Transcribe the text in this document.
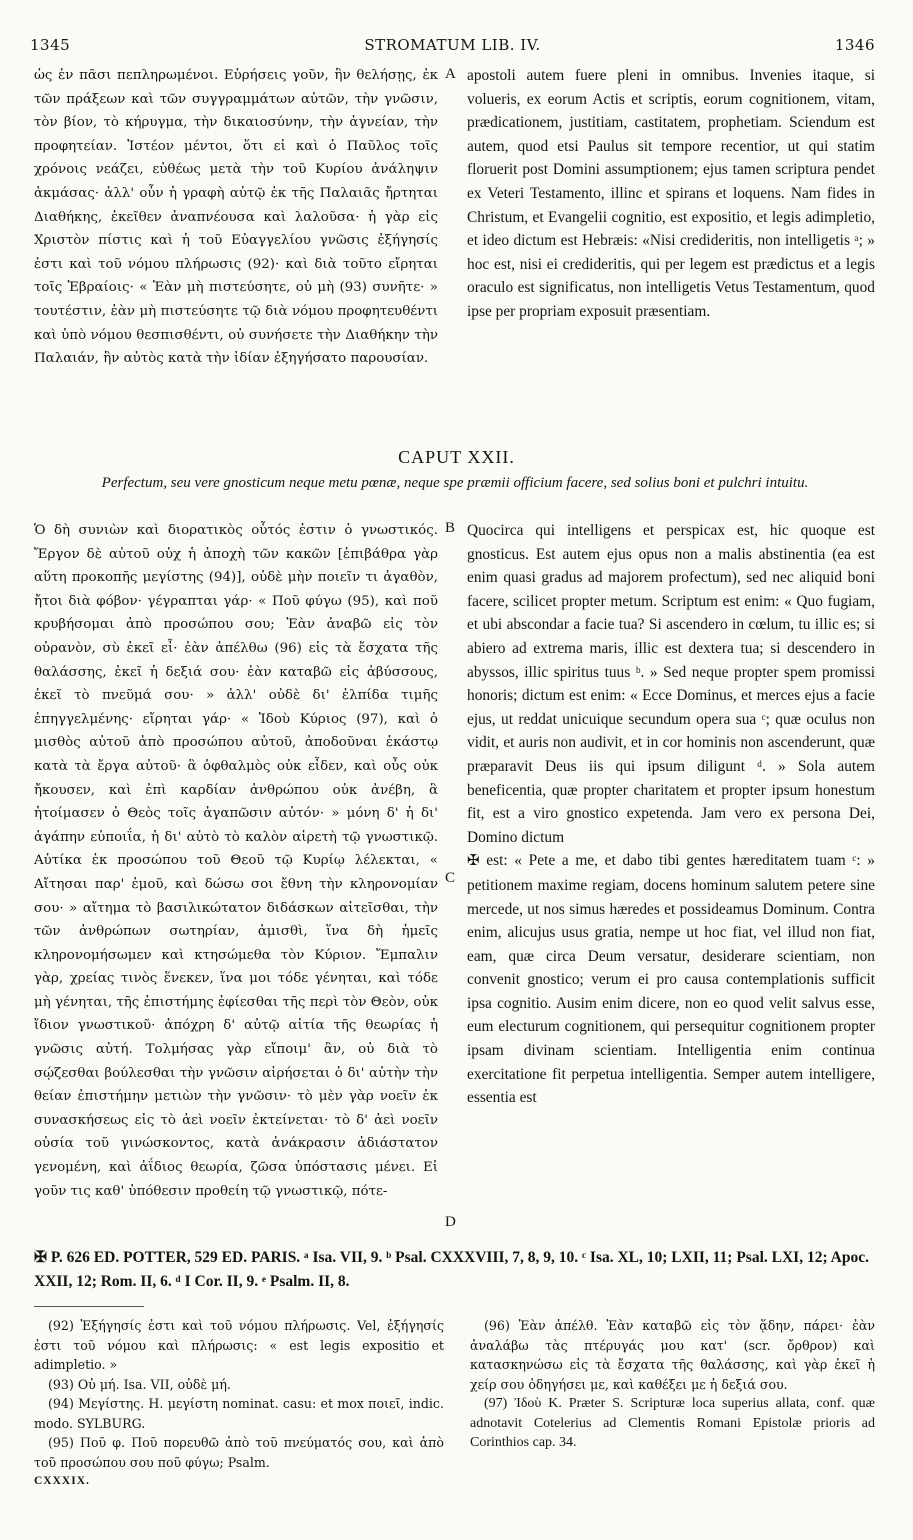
1345	STROMATUM LIB. IV.	1346

ὡς ἐν πᾶσι πεπληρωμένοι. Εὑρήσεις γοῦν, ἣν θελήσῃς, ἐκ τῶν πράξεων καὶ τῶν συγγραμμάτων αὐτῶν, τὴν γνῶσιν, τὸν βίον, τὸ κήρυγμα, τὴν δικαιοσύνην, τὴν ἁγνείαν, τὴν προφητείαν. Ἰστέον μέντοι, ὅτι εἰ καὶ ὁ Παῦλος τοῖς χρόνοις νεάζει, εὐθέως μετὰ τὴν τοῦ Κυρίου ἀνάληψιν ἀκμάσας· ἀλλ' οὖν ἡ γραφὴ αὐτῷ ἐκ τῆς Παλαιᾶς ἤρτηται Διαθήκης, ἐκεῖθεν ἀναπνέουσα καὶ λαλοῦσα· ἡ γὰρ εἰς Χριστὸν πίστις καὶ ἡ τοῦ Εὐαγγελίου γνῶσις ἐξήγησίς ἐστι καὶ τοῦ νόμου πλήρωσις (92)· καὶ διὰ τοῦτο εἴρηται τοῖς Ἑβραίοις· « Ἐὰν μὴ πιστεύσητε, οὐ μὴ (93) συνῆτε· » τουτέστιν, ἐὰν μὴ πιστεύσητε τῷ διὰ νόμου προφητευθέντι καὶ ὑπὸ νόμου θεσπισθέντι, οὐ συνήσετε τὴν Διαθήκην τὴν Παλαιάν, ἣν αὐτὸς κατὰ τὴν ἰδίαν ἐξηγήσατο παρουσίαν.

A apostoli autem fuere pleni in omnibus. Invenies itaque, si volueris, ex eorum Actis et scriptis, eorum cognitionem, vitam, prædicationem, justitiam, castitatem, prophetiam. Sciendum est autem, quod etsi Paulus sit tempore recentior, ut qui statim floruerit post Domini assumptionem; ejus tamen scriptura pendet ex Veteri Testamento, illinc et spirans et loquens. Nam fides in Christum, et Evangelii cognitio, est expositio, et legis adimpletio, et ideo dictum est Hebræis: «Nisi credideritis, non intelligetis ᵃ; » hoc est, nisi ei credideritis, qui per legem est prædictus et a legis oraculo est significatus, non intelligetis Vetus Testamentum, quod ipse per propriam exposuit præsentiam.

CAPUT XXII.
Perfectum, seu vere gnosticum neque metu pœnæ, neque spe præmii officium facere, sed solius boni et pulchri intuitu.

Ὁ δὴ συνιὼν καὶ διορατικὸς οὗτός ἐστιν ὁ γνωστικός. Ἔργον δὲ αὐτοῦ οὐχ ἡ ἀποχὴ τῶν κακῶν [ἐπιβάθρα γὰρ αὕτη προκοπῆς μεγίστης (94)], οὐδὲ μὴν ποιεῖν τι ἀγαθὸν, ἤτοι διὰ φόβον· γέγραπται γάρ· « Ποῦ φύγω (95), καὶ ποῦ κρυβήσομαι ἀπὸ προσώπου σου; Ἐὰν ἀναβῶ εἰς τὸν οὐρανὸν, σὺ ἐκεῖ εἶ· ἐὰν ἀπέλθω (96) εἰς τὰ ἔσχατα τῆς θαλάσσης, ἐκεῖ ἡ δεξιά σου· ἐὰν καταβῶ εἰς ἀβύσσους, ἐκεῖ τὸ πνεῦμά σου· » ἀλλ' οὐδὲ δι' ἐλπίδα τιμῆς ἐπηγγελμένης· εἴρηται γάρ· « Ἰδοὺ Κύριος (97), καὶ ὁ μισθὸς αὐτοῦ ἀπὸ προσώπου αὐτοῦ, ἀποδοῦναι ἑκάστῳ κατὰ τὰ ἔργα αὐτοῦ· ἃ ὀφθαλμὸς οὐκ εἶδεν, καὶ οὖς οὐκ ἤκουσεν, καὶ ἐπὶ καρδίαν ἀνθρώπου οὐκ ἀνέβη, ἃ ἡτοίμασεν ὁ Θεὸς τοῖς ἀγαπῶσιν αὐτόν· » μόνη δ' ἡ δι' ἀγάπην εὐποιΐα, ἡ δι' αὐτὸ τὸ καλὸν αἱρετὴ τῷ γνωστικῷ. Αὐτίκα ἐκ προσώπου τοῦ Θεοῦ τῷ Κυρίῳ λέλεκται, « Αἴτησαι παρ' ἐμοῦ, καὶ δώσω σοι ἔθνη τὴν κληρονομίαν σου· » αἴτημα τὸ βασιλικώτατον διδάσκων αἰτεῖσθαι, τὴν τῶν ἀνθρώπων σωτηρίαν, ἀμισθὶ, ἵνα δὴ ἡμεῖς κληρονομήσωμεν καὶ κτησώμεθα τὸν Κύριον. Ἔμπαλιν γὰρ, χρείας τινὸς ἕνεκεν, ἵνα μοι τόδε γένηται, καὶ τόδε μὴ γένηται, τῆς ἐπιστήμης ἐφίεσθαι τῆς περὶ τὸν Θεὸν, οὐκ ἴδιον γνωστικοῦ· ἀπόχρη δ' αὐτῷ αἰτία τῆς θεωρίας ἡ γνῶσις αὐτή. Τολμήσας γὰρ εἴποιμ' ἂν, οὐ διὰ τὸ σῴζεσθαι βούλεσθαι τὴν γνῶσιν αἱρήσεται ὁ δι' αὐτὴν τὴν θείαν ἐπιστήμην μετιὼν τὴν γνῶσιν· τὸ μὲν γὰρ νοεῖν ἐκ συνασκήσεως εἰς τὸ ἀεὶ νοεῖν ἐκτείνεται· τὸ δ' ἀεὶ νοεῖν οὐσία τοῦ γινώσκοντος, κατὰ ἀνάκρασιν ἀδιάστατον γενομένη, καὶ ἀΐδιος θεωρία, ζῶσα ὑπόστασις μένει. Εἰ γοῦν τις καθ' ὑπόθεσιν προθείη τῷ γνωστικῷ, πότε-

B
C
D

Quocirca qui intelligens et perspicax est, hic quoque est gnosticus. Est autem ejus opus non a malis abstinentia (ea est enim quasi gradus ad majorem profectum), sed nec aliquid boni facere, scilicet propter metum. Scriptum est enim: « Quo fugiam, et ubi abscondar a facie tua? Si ascendero in cœlum, tu illic es; si abiero ad extrema maris, illic est dextera tua; si descendero in abyssos, illic spiritus tuus ᵇ. » Sed neque propter spem promissi honoris; dictum est enim: « Ecce Dominus, et merces ejus a facie ejus, ut reddat unicuique secundum opera sua ᶜ; quæ oculus non vidit, et auris non audivit, et in cor hominis non ascenderunt, quæ præparavit Deus iis qui ipsum diligunt ᵈ. » Sola autem beneficentia, quæ propter charitatem et propter ipsum honestum fit, est a viro gnostico expetenda. Jam vero ex persona Dei, Domino dictum

✠ est: « Pete a me, et dabo tibi gentes hæreditatem tuam ᶜ: » petitionem maxime regiam, docens hominum salutem petere sine mercede, ut nos simus hæredes et possideamus Dominum. Contra enim, alicujus usus gratia, nempe ut hoc fiat, vel illud non fiat, eam, quæ circa Deum versatur, desiderare scientiam, non convenit gnostico; verum ei pro causa contemplationis sufficit ipsa cognitio. Ausim enim dicere, non eo quod velit salvus esse, eum electurum cognitionem, qui persequitur cognitionem propter ipsam divinam scientiam. Intelligentia enim continua exercitatione fit perpetua intelligentia. Semper autem intelligere, essentia est

✠ P. 626 ED. POTTER, 529 ED. PARIS. ᵃ Isa. VII, 9. ᵇ Psal. CXXXVIII, 7, 8, 9, 10. ᶜ Isa. XL, 10; LXII, 11; Psal. LXI, 12; Apoc. XXII, 12; Rom. II, 6. ᵈ I Cor. II, 9. ᵉ Psalm. II, 8.

(92) Ἐξήγησίς ἐστι καὶ τοῦ νόμου πλήρωσις. Vel, ἐξήγησίς ἐστι τοῦ νόμου καὶ πλήρωσις: « est legis expositio et adimpletio. »

(93) Οὐ μή. Isa. VII, οὐδὲ μή.

(94) Μεγίστης. Η. μεγίστη nominat. casu: et mox ποιεῖ, indic. modo. SYLBURG.

(95) Ποῦ φ. Ποῦ πορευθῶ ἀπὸ τοῦ πνεύματός σου, καὶ ἀπὸ τοῦ προσώπου σου ποῦ φύγω; Psalm.

CXXXIX.

(96) Ἐὰν ἀπέλθ. Ἐὰν καταβῶ εἰς τὸν ᾅδην, πάρει· ἐὰν ἀναλάβω τὰς πτέρυγάς μου κατ' (scr. ὄρθρον) καὶ κατασκηνώσω εἰς τὰ ἔσχατα τῆς θαλάσσης, καὶ γὰρ ἐκεῖ ἡ χείρ σου ὁδηγήσει με, καὶ καθέξει με ἡ δεξιά σου.

(97) Ἰδοὺ Κ. Præter S. Scripturæ loca superius allata, conf. quæ adnotavit Cotelerius ad Clementis Romani Epistolæ prioris ad Corinthios cap. 34.
